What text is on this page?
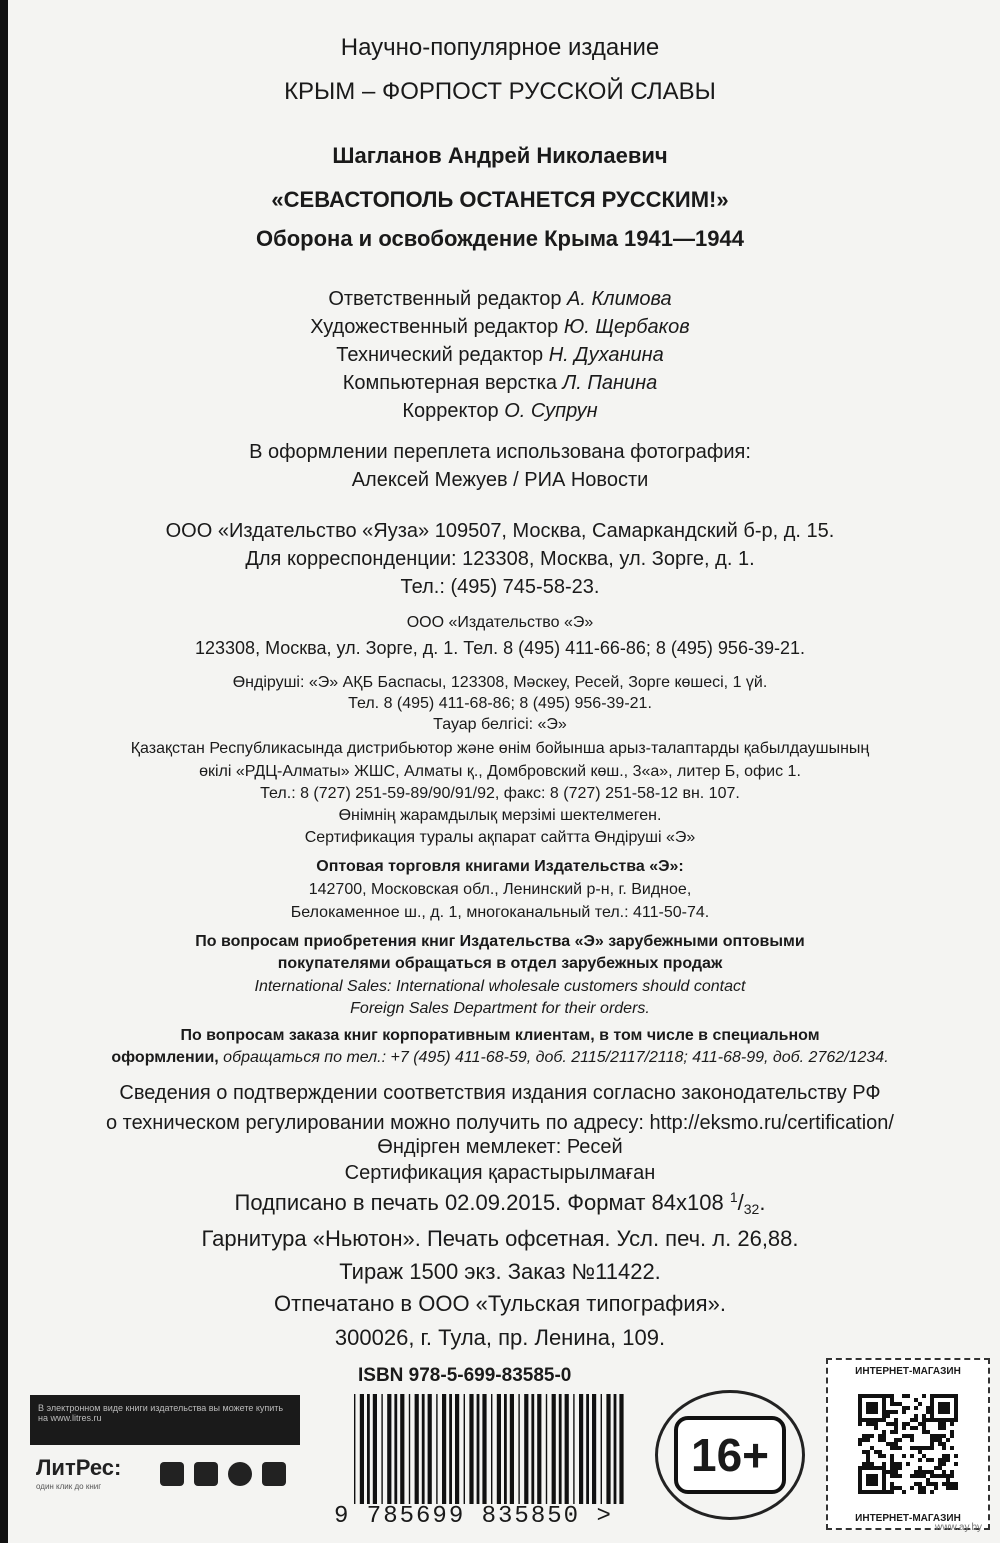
Научно-популярное издание
КРЫМ – ФОРПОСТ РУССКОЙ СЛАВЫ
Шагланов Андрей Николаевич
«СЕВАСТОПОЛЬ ОСТАНЕТСЯ РУССКИМ!»
Оборона и освобождение Крыма 1941—1944
Ответственный редактор А. Климова
Художественный редактор Ю. Щербаков
Технический редактор Н. Духанина
Компьютерная верстка Л. Панина
Корректор О. Супрун
В оформлении переплета использована фотография:
Алексей Межуев / РИА Новости
ООО «Издательство «Яуза» 109507, Москва, Самаркандский б-р, д. 15.
Для корреспонденции: 123308, Москва, ул. Зорге, д. 1.
Тел.: (495) 745-58-23.
ООО «Издательство «Э»
123308, Москва, ул. Зорге, д. 1. Тел. 8 (495) 411-66-86; 8 (495) 956-39-21.
Өндіруші: «Э» АҚБ Баспасы, 123308, Мәскеу, Ресей, Зорге көшесі, 1 үй.
Тел. 8 (495) 411-68-86; 8 (495) 956-39-21.
Тауар белгісі: «Э»
Қазақстан Республикасында дистрибьютор және өнім бойынша арыз-талаптарды қабылдаушының
өкілі «РДЦ-Алматы» ЖШС, Алматы қ., Домбровский көш., 3«а», литер Б, офис 1.
Тел.: 8 (727) 251-59-89/90/91/92, факс: 8 (727) 251-58-12 вн. 107.
Өнімнің жарамдылық мерзімі шектелмеген.
Сертификация туралы ақпарат сайтта Өндіруші «Э»
Оптовая торговля книгами Издательства «Э»:
142700, Московская обл., Ленинский р-н, г. Видное,
Белокаменное ш., д. 1, многоканальный тел.: 411-50-74.
По вопросам приобретения книг Издательства «Э» зарубежными оптовыми
покупателями обращаться в отдел зарубежных продаж
International Sales: International wholesale customers should contact
Foreign Sales Department for their orders.
По вопросам заказа книг корпоративным клиентам, в том числе в специальном
оформлении, обращаться по тел.: +7 (495) 411-68-59, доб. 2115/2117/2118; 411-68-99, доб. 2762/1234.
Сведения о подтверждении соответствия издания согласно законодательству РФ
о техническом регулировании можно получить по адресу: http://eksmo.ru/certification/
Өндірген мемлекет: Ресей
Сертификация қарастырылмаған
Подписано в печать 02.09.2015. Формат 84x108 $^1$/32.
Гарнитура «Ньютон». Печать офсетная. Усл. печ. л. 26,88.
Тираж 1500 экз. Заказ №11422.
Отпечатано в ООО «Тульская типография».
300026, г. Тула, пр. Ленина, 109.
ISBN 978-5-699-83585-0
9 785699 835850 >
В электронном виде книги издательства вы можете купить на www.litres.ru
ЛитРес:
один клик до книг
16+
ИНТЕРНЕТ-МАГАЗИН
ИНТЕРНЕТ-МАГАЗИН
www.ay.by
